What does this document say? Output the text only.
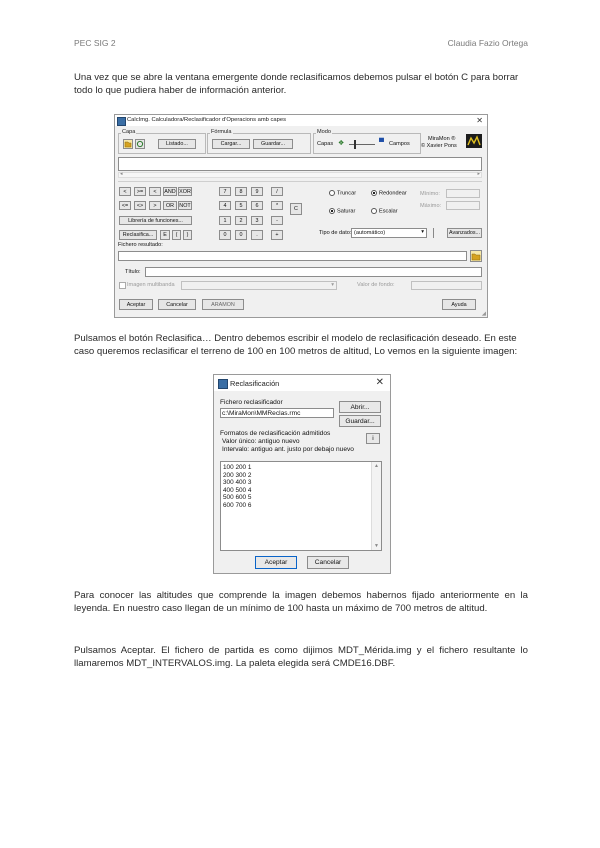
PEC SIG 2	Claudia Fazio Ortega
Una vez que se abre la ventana emergente donde reclasificamos debemos pulsar el botón C para borrar todo lo que pudiera haber de información anterior.
CalcImg. Calculadora/Reclasificador d'Operacions amb capes	✕
Capa
Listado...
Fórmula
Cargar...	Guardar...
Modo
Capas ❖	▀ Campos
MiraMon ®
© Xavier Pons
◂	▸
<	>=	<	AND XOR
<=	<>	>	OR NOT
Librería de funciones...
Reclasifica...	E	(	)
7	8	9	/
4	5	6	*
1	2	3	-
0	0	.	+
C
Truncar	Redondear
Saturar	Escalar
Mínimo:
Máximo:
Tipo de dato: (automático)	▾	Avanzados...
Fichero resultado:
Título:
Imagen multibanda	▾	Valor de fondo:
Aceptar	Cancelar	ARAMON	Ayuda
◢
Pulsamos el botón Reclasifica… Dentro debemos escribir el modelo de reclasificación deseado. En este caso queremos reclasificar el terreno de 100 en 100 metros de altitud, Lo vemos en la siguiente imagen:
Reclasificación	✕
Fichero reclasificador
c:\MiraMon\MMReclas.rmc
Abrir...
Guardar...
Formatos de reclasificación admitidos
Valor único: antiguo nuevo
Intervalo: antiguo ant. justo por debajo nuevo
i
100 200 1
200 300 2
300 400 3
400 500 4
500 600 5
600 700 6
▲
▼
Aceptar	Cancelar
Para conocer las altitudes que comprende la imagen debemos habernos fijado anteriormente en la leyenda. En nuestro caso llegan de un mínimo de 100 hasta un máximo de 700 metros de altitud.
Pulsamos Aceptar. El fichero de partida es como dijimos MDT_Mérida.img y el fichero resultante lo llamaremos MDT_INTERVALOS.img. La paleta elegida será CMDE16.DBF.
